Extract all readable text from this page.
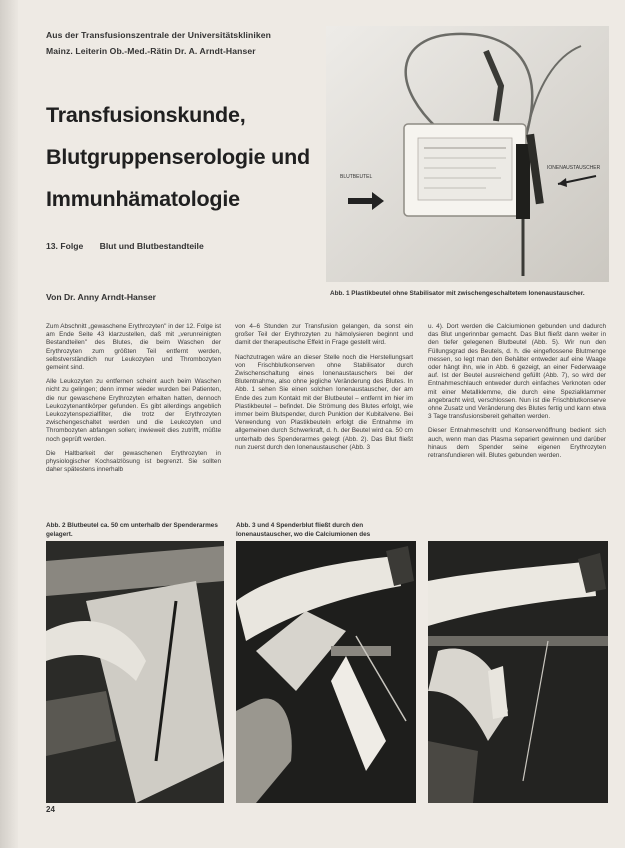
Aus der Transfusionszentrale der Universitätskliniken
Mainz. Leiterin Ob.-Med.-Rätin Dr. A. Arndt-Hanser
Transfusionskunde,
Blutgruppenserologie und
Immunhämatologie
13. Folge Blut und Blutbestandteile
Von Dr. Anny Arndt-Hanser
BLUTBEUTEL
IONENAUSTAUSCHER
Abb. 1 Plastikbeutel ohne Stabilisator mit zwischengeschaltetem Ionenaustauscher.

Zum Abschnitt „gewaschene Erythrozyten" in der 12. Folge ist am Ende Seite 43 klarzustellen, daß mit „verunreinigten Bestandteilen" des Blutes, die beim Waschen der Erythrozyten zum größten Teil entfernt werden, selbstverständlich nur Leukozyten und Thrombozyten gemeint sind.

Alle Leukozyten zu entfernen scheint auch beim Waschen nicht zu gelingen; denn immer wieder wurden bei Patienten, die nur gewaschene Erythrozyten erhalten hatten, dennoch Leukozytenantikörper gefunden. Es gibt allerdings angeblich Leukozytenspezialfilter, die trotz der Erythrozyten zwischengeschaltet werden und die Leukozyten und Thrombozyten abfangen sollen; inwieweit dies zutrifft, müßte noch geprüft werden.

Die Haltbarkeit der gewaschenen Erythrozyten in physiologischer Kochsalzlösung ist begrenzt. Sie sollten daher spätestens innerhalb

von 4–6 Stunden zur Transfusion gelangen, da sonst ein großer Teil der Erythrozyten zu hämolysieren beginnt und damit der therapeutische Effekt in Frage gestellt wird.

Nachzutragen wäre an dieser Stelle noch die Herstellungsart von Frischblutkonserven ohne Stabilisator durch Zwischenschaltung eines Ionenaustauschers bei der Blutentnahme, also ohne jegliche Veränderung des Blutes. In Abb. 1 sehen Sie einen solchen Ionenaustauscher, der am Ende des zum Kontakt mit der Blutbeutel – entfernt im hier im Plastikbeutel – befindet. Die Strömung des Blutes erfolgt, wie immer beim Blutspender, durch Punktion der Kubitalvene. Bei Verwendung von Plastikbeuteln erfolgt die Entnahme im allgemeinen durch Schwerkraft, d. h. der Beutel wird ca. 50 cm unterhalb des Spenderarmes gelegt (Abb. 2). Das Blut fließt nun zuerst durch den Ionenaustauscher (Abb. 3

u. 4). Dort werden die Calciumionen gebunden und dadurch das Blut ungerinnbar gemacht. Das Blut fließt dann weiter in den tiefer gelegenen Blutbeutel (Abb. 5). Wir nun den Füllungsgrad des Beutels, d. h. die eingeflossene Blutmenge messen, so legt man den Behälter entweder auf eine Waage oder hängt ihn, wie in Abb. 6 gezeigt, an einer Federwaage auf. Ist der Beutel ausreichend gefüllt (Abb. 7), so wird der Entnahmeschlauch entweder durch einfaches Verknoten oder mit einer Metallklemme, die durch eine Spezialklammer angebracht wird, verschlossen. Nun ist die Frischblutkonserve ohne Zusatz und Veränderung des Blutes fertig und kann etwa 3 Tage transfusionsbereit gehalten werden.

Dieser Entnahmeschritt und Konservenöffnung bedient sich auch, wenn man das Plasma separiert gewinnen und darüber hinaus dem Spender seine eigenen Erythrozyten retransfundieren will. Blutes gebunden werden.

Abb. 2 Blutbeutel ca. 50 cm unterhalb der Spenderarmes gelagert.
Abb. 3 und 4 Spenderblut fließt durch den Ionenaustauscher, wo die Calciumionen des
24
